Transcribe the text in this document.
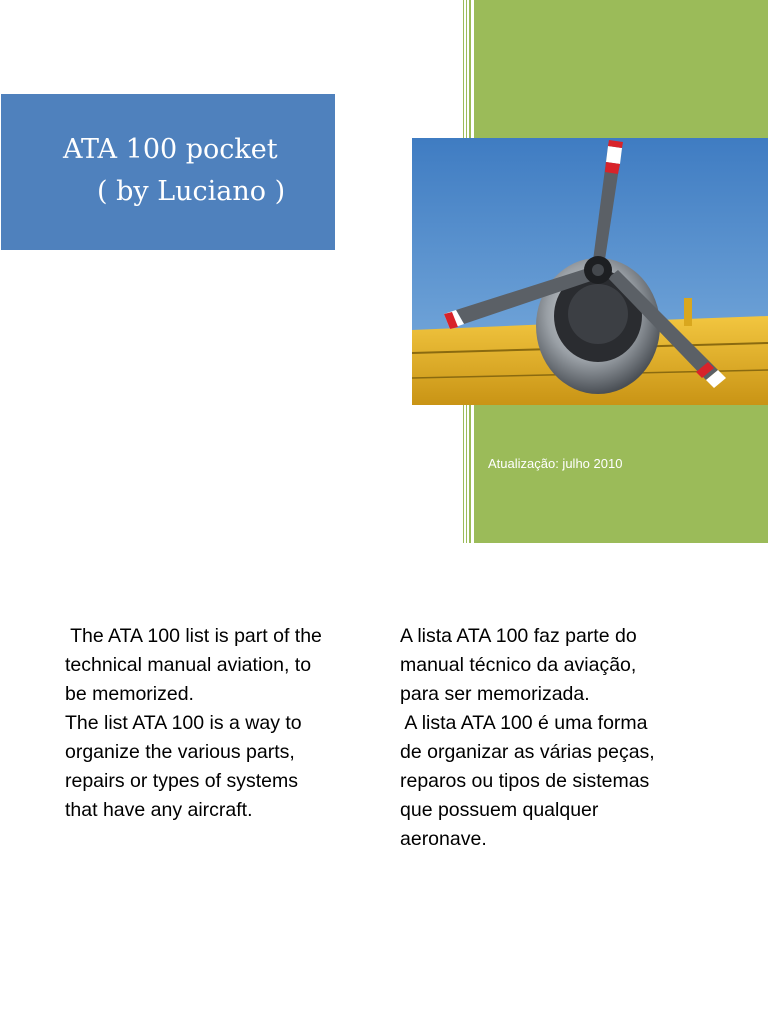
ATA 100 pocket
( by Luciano )
Atualização: julho 2010

The ATA 100 list is part of the

technical manual aviation, to

be memorized.

The list ATA 100 is a way to

organize the various parts,

repairs or types of systems

that have any aircraft.

A lista ATA 100 faz parte do

manual técnico da aviação,

para ser memorizada.

A lista ATA 100 é uma forma

de organizar as várias peças,

reparos ou tipos de sistemas

que possuem qualquer

aeronave.
